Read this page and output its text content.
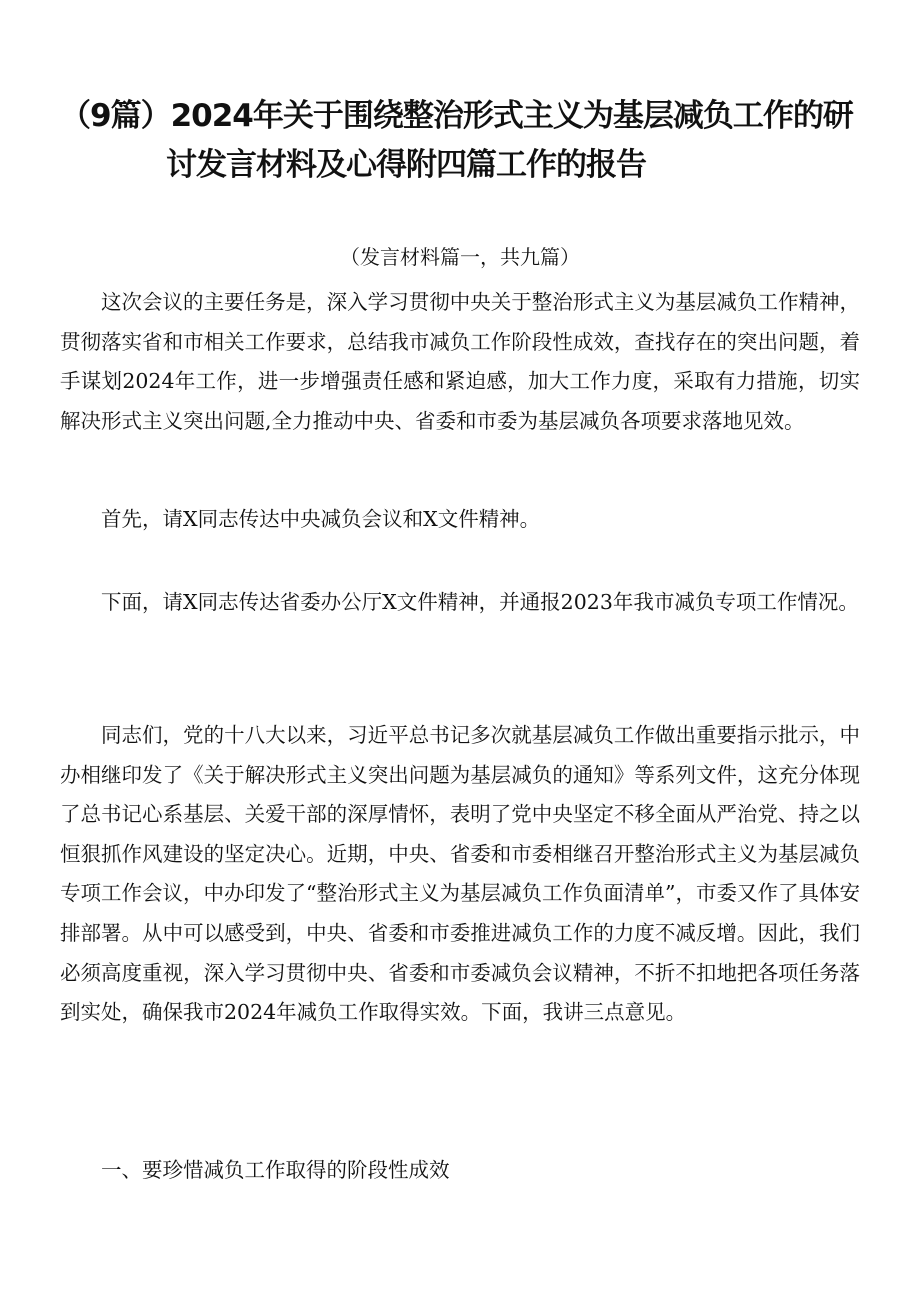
（9篇）2024年关于围绕整治形式主义为基层减负工作的研
讨发言材料及心得附四篇工作的报告

（发言材料篇一，共九篇）

这次会议的主要任务是，深入学习贯彻中央关于整治形式主义为基层减负工作精神，贯彻落实省和市相关工作要求，总结我市减负工作阶段性成效，查找存在的突出问题，着手谋划2024年工作，进一步增强责任感和紧迫感，加大工作力度，采取有力措施，切实解决形式主义突出问题,全力推动中央、省委和市委为基层减负各项要求落地见效。

首先，请X同志传达中央减负会议和X文件精神。

下面，请X同志传达省委办公厅X文件精神，并通报2023年我市减负专项工作情况。

同志们，党的十八大以来，习近平总书记多次就基层减负工作做出重要指示批示，中办相继印发了《关于解决形式主义突出问题为基层减负的通知》等系列文件，这充分体现了总书记心系基层、关爱干部的深厚情怀，表明了党中央坚定不移全面从严治党、持之以恒狠抓作风建设的坚定决心。近期，中央、省委和市委相继召开整治形式主义为基层减负专项工作会议，中办印发了“整治形式主义为基层减负工作负面清单”，市委又作了具体安排部署。从中可以感受到，中央、省委和市委推进减负工作的力度不减反增。因此，我们必须高度重视，深入学习贯彻中央、省委和市委减负会议精神，不折不扣地把各项任务落到实处，确保我市2024年减负工作取得实效。下面，我讲三点意见。

一、要珍惜减负工作取得的阶段性成效
